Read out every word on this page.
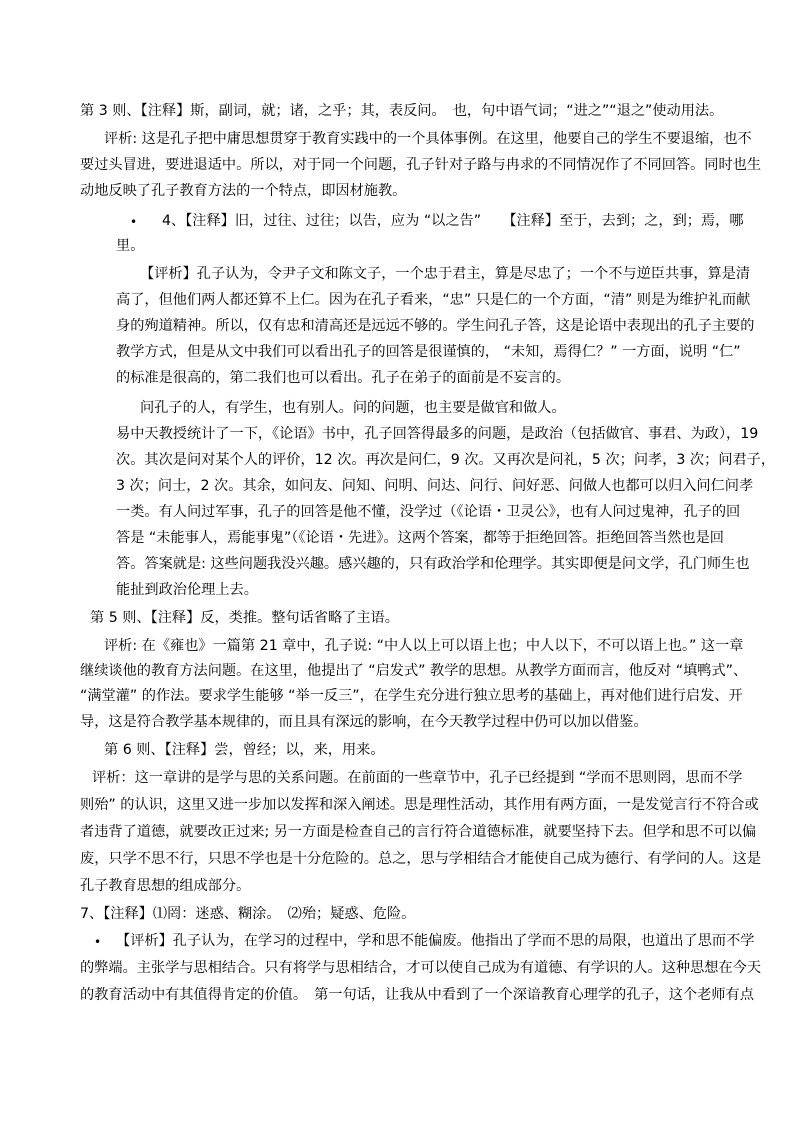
第 3 则、【注释】斯，副词，就；诸，之乎；其，表反问。　也，句中语气词；“进之”“退之”使动用法。
评析: 这是孔子把中庸思想贯穿于教育实践中的一个具体事例。在这里，他要自己的学生不要退缩，也不
要过头冒进，要进退适中。所以，对于同一个问题，孔子针对子路与冉求的不同情况作了不同回答。同时也生
动地反映了孔子教育方法的一个特点，即因材施教。
• 4、【注释】旧，过往、过往；以告，应为 “以之告”　　【注释】至于，去到；之，到；焉，哪
里。
【评析】孔子认为，令尹子文和陈文子，一个忠于君主，算是尽忠了；一个不与逆臣共事，算是清
高了，但他们两人都还算不上仁。因为在孔子看来，“忠” 只是仁的一个方面，“清” 则是为维护礼而献
身的殉道精神。所以，仅有忠和清高还是远远不够的。学生问孔子答，这是论语中表现出的孔子主要的
教学方式，但是从文中我们可以看出孔子的回答是很谨慎的， “未知，焉得仁？” 一方面，说明 “仁”
的标准是很高的，第二我们也可以看出。孔子在弟子的面前是不妄言的。
问孔子的人，有学生，也有别人。问的问题，也主要是做官和做人。
易中天教授统计了一下，《论语》书中，孔子回答得最多的问题，是政治（包括做官、事君、为政），19
次。其次是问对某个人的评价，12 次。再次是问仁，9 次。又再次是问礼，5 次；问孝，3 次；问君子，
3 次；问士，2 次。其余，如问友、问知、问明、问达、问行、问好恶、问做人也都可以归入问仁问孝
一类。有人问过军事，孔子的回答是他不懂，没学过（《论语・卫灵公》，也有人问过鬼神，孔子的回
答是 “未能事人，焉能事鬼”（《论语・先进》。这两个答案，都等于拒绝回答。拒绝回答当然也是回
答。答案就是: 这些问题我没兴趣。感兴趣的，只有政治学和伦理学。其实即便是问文学，孔门师生也
能扯到政治伦理上去。
第 5 则、【注释】反，类推。整句话省略了主语。
评析: 在《雍也》一篇第 21 章中，孔子说: “中人以上可以语上也；中人以下，不可以语上也。” 这一章
继续谈他的教育方法问题。在这里，他提出了 “启发式” 教学的思想。从教学方面而言，他反对 “填鸭式”、
“满堂灌” 的作法。要求学生能够 “举一反三”，在学生充分进行独立思考的基础上，再对他们进行启发、开
导，这是符合教学基本规律的，而且具有深远的影响，在今天教学过程中仍可以加以借鉴。
第 6 则、【注释】尝，曾经；以，来，用来。
评析：这一章讲的是学与思的关系问题。在前面的一些章节中，孔子已经提到 “学而不思则罔，思而不学
则殆” 的认识，这里又进一步加以发挥和深入阐述。思是理性活动，其作用有两方面，一是发觉言行不符合或
者违背了道德，就要改正过来; 另一方面是检查自己的言行符合道德标准，就要坚持下去。但学和思不可以偏
废，只学不思不行，只思不学也是十分危险的。总之，思与学相结合才能使自己成为德行、有学问的人。这是
孔子教育思想的组成部分。
7、【注释】⑴罔：迷惑、糊涂。　⑵殆；疑惑、危险。
• 【评析】孔子认为，在学习的过程中，学和思不能偏废。他指出了学而不思的局限，也道出了思而不学
的弊端。主张学与思相结合。只有将学与思相结合，才可以使自己成为有道德、有学识的人。这种思想在今天
的教育活动中有其值得肯定的价值。　第一句话，让我从中看到了一个深谙教育心理学的孔子，这个老师有点
